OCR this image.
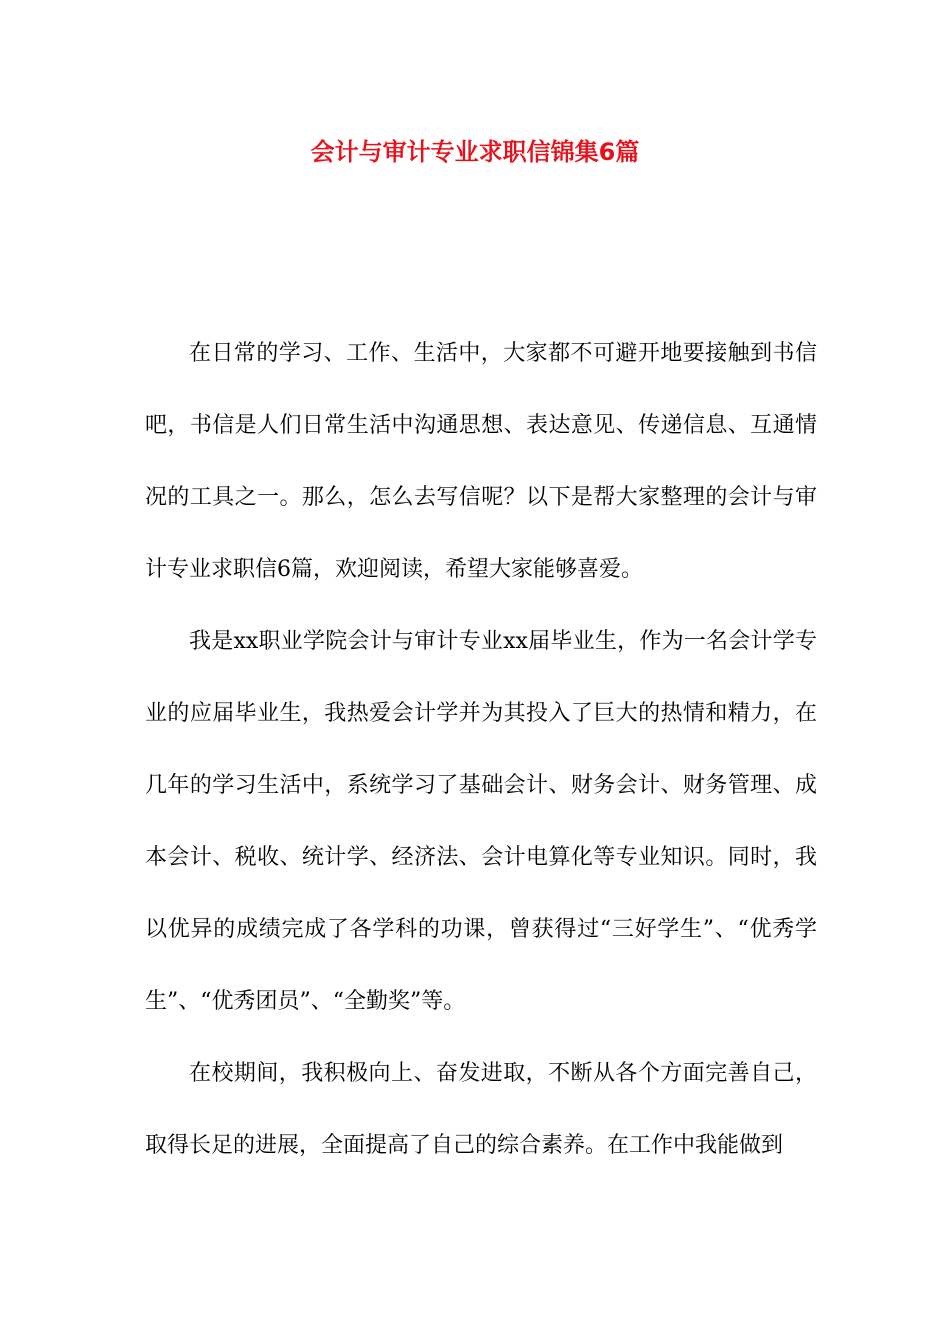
会计与审计专业求职信锦集6篇

在日常的学习、工作、生活中，大家都不可避开地要接触到书信吧，书信是人们日常生活中沟通思想、表达意见、传递信息、互通情况的工具之一。那么，怎么去写信呢？以下是帮大家整理的会计与审计专业求职信6篇，欢迎阅读，希望大家能够喜爱。

我是xx职业学院会计与审计专业xx届毕业生，作为一名会计学专业的应届毕业生，我热爱会计学并为其投入了巨大的热情和精力，在几年的学习生活中，系统学习了基础会计、财务会计、财务管理、成本会计、税收、统计学、经济法、会计电算化等专业知识。同时，我以优异的成绩完成了各学科的功课，曾获得过“三好学生”、“优秀学生”、“优秀团员”、“全勤奖”等。

在校期间，我积极向上、奋发进取，不断从各个方面完善自己，取得长足的进展，全面提高了自己的综合素养。在工作中我能做到
